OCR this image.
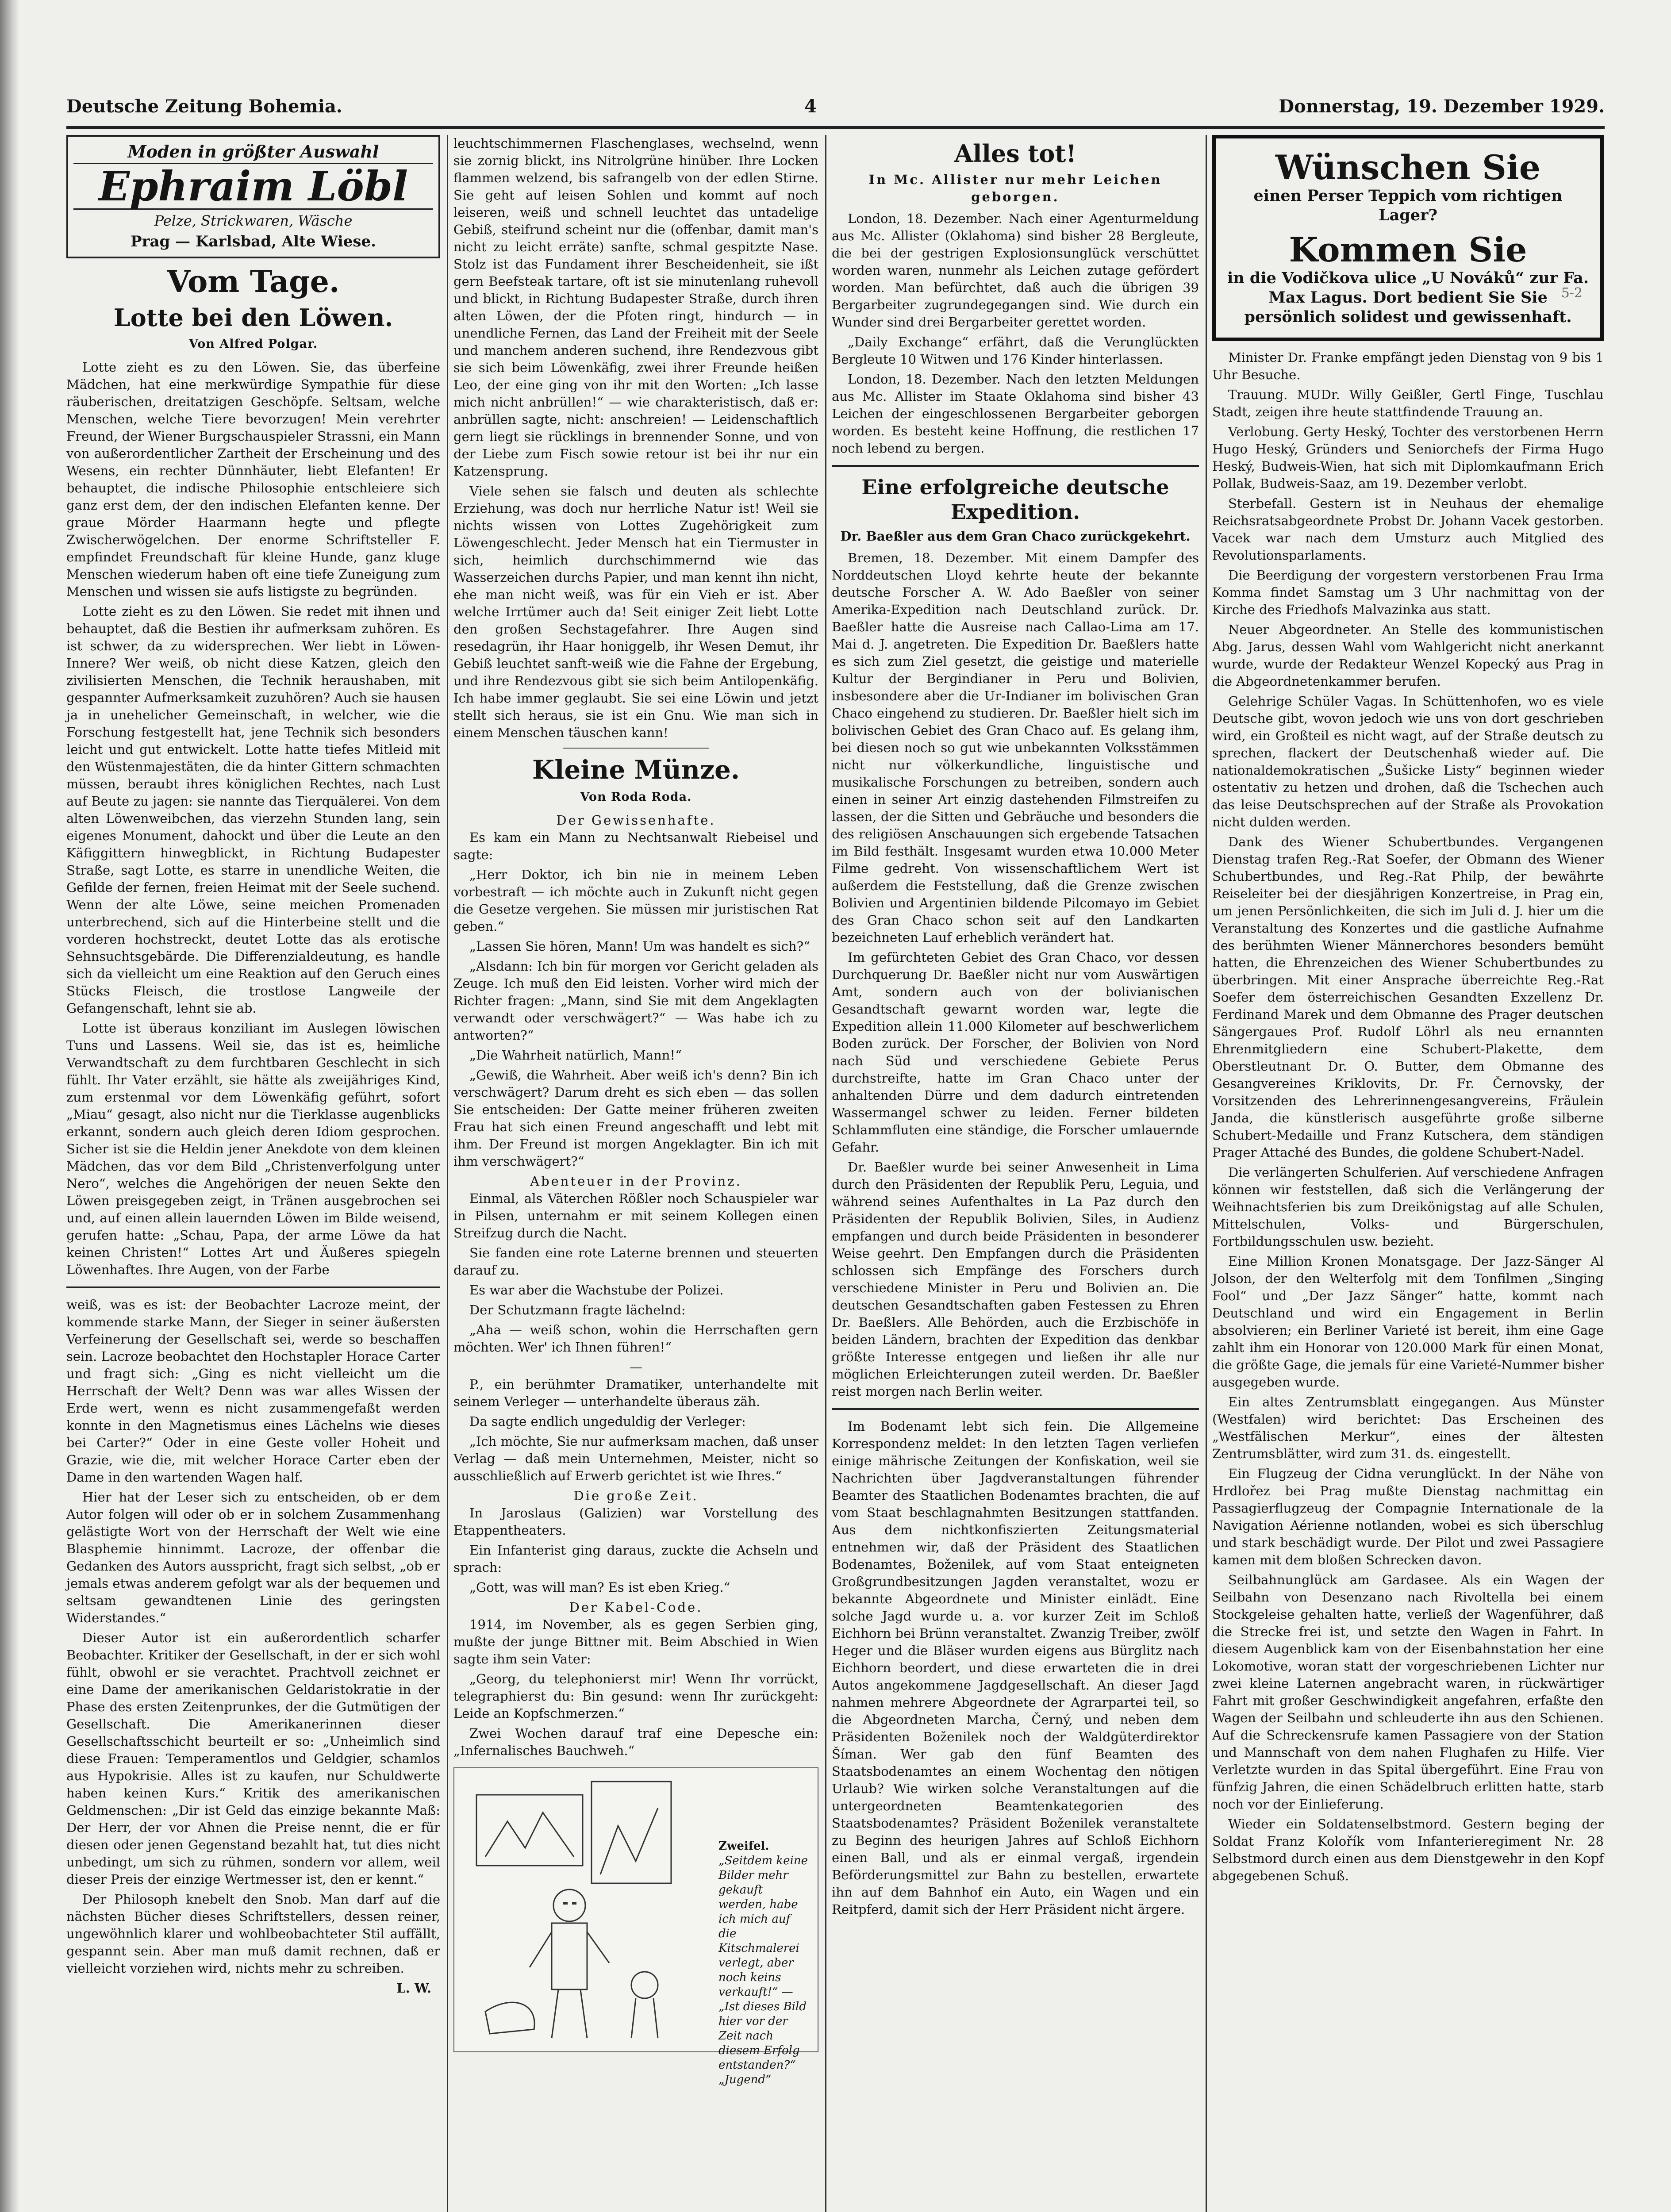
Deutsche Zeitung Bohemia.	4	Donnerstag, 19. Dezember 1929.
Moden in größter Auswahl
Ephraim Löbl
Pelze, Strickwaren, Wäsche
Prag — Karlsbad, Alte Wiese.
Vom Tage.
Lotte bei den Löwen.
Von Alfred Polgar.

Lotte zieht es zu den Löwen. Sie, das überfeine Mädchen, hat eine merkwürdige Sympathie für diese räuberischen, dreitatzigen Geschöpfe. Seltsam, welche Menschen, welche Tiere bevorzugen! Mein verehrter Freund, der Wiener Burgschauspieler Strassni, ein Mann von außerordentlicher Zartheit der Erscheinung und des Wesens, ein rechter Dünnhäuter, liebt Elefanten! Er behauptet, die indische Philosophie entschleiere sich ganz erst dem, der den indischen Elefanten kenne. Der graue Mörder Haarmann hegte und pflegte Zwischerwögelchen. Der enorme Schriftsteller F. empfindet Freundschaft für kleine Hunde, ganz kluge Menschen wiederum haben oft eine tiefe Zuneigung zum Menschen und wissen sie aufs listigste zu begründen.

Lotte zieht es zu den Löwen. Sie redet mit ihnen und behauptet, daß die Bestien ihr aufmerksam zuhören. Es ist schwer, da zu widersprechen. Wer liebt in Löwen-Innere? Wer weiß, ob nicht diese Katzen, gleich den zivilisierten Menschen, die Technik heraushaben, mit gespannter Aufmerksamkeit zuzuhören? Auch sie hausen ja in unehelicher Gemeinschaft, in welcher, wie die Forschung festgestellt hat, jene Technik sich besonders leicht und gut entwickelt. Lotte hatte tiefes Mitleid mit den Wüstenmajestäten, die da hinter Gittern schmachten müssen, beraubt ihres königlichen Rechtes, nach Lust auf Beute zu jagen: sie nannte das Tierquälerei. Von dem alten Löwenweibchen, das vierzehn Stunden lang, sein eigenes Monument, dahockt und über die Leute an den Käfiggittern hinwegblickt, in Richtung Budapester Straße, sagt Lotte, es starre in unendliche Weiten, die Gefilde der fernen, freien Heimat mit der Seele suchend. Wenn der alte Löwe, seine meichen Promenaden unterbrechend, sich auf die Hinterbeine stellt und die vorderen hochstreckt, deutet Lotte das als erotische Sehnsuchtsgebärde. Die Differenzialdeutung, es handle sich da vielleicht um eine Reaktion auf den Geruch eines Stücks Fleisch, die trostlose Langweile der Gefangenschaft, lehnt sie ab.

Lotte ist überaus konziliant im Auslegen löwischen Tuns und Lassens. Weil sie, das ist es, heimliche Verwandtschaft zu dem furchtbaren Geschlecht in sich fühlt. Ihr Vater erzählt, sie hätte als zweijähriges Kind, zum erstenmal vor dem Löwenkäfig geführt, sofort „Miau“ gesagt, also nicht nur die Tierklasse augenblicks erkannt, sondern auch gleich deren Idiom gesprochen. Sicher ist sie die Heldin jener Anekdote von dem kleinen Mädchen, das vor dem Bild „Christenverfolgung unter Nero“, welches die Angehörigen der neuen Sekte den Löwen preisgegeben zeigt, in Tränen ausgebrochen sei und, auf einen allein lauernden Löwen im Bilde weisend, gerufen hatte: „Schau, Papa, der arme Löwe da hat keinen Christen!“ Lottes Art und Äußeres spiegeln Löwenhaftes. Ihre Augen, von der Farbe

weiß, was es ist: der Beobachter Lacroze meint, der kommende starke Mann, der Sieger in seiner äußersten Verfeinerung der Gesellschaft sei, werde so beschaffen sein. Lacroze beobachtet den Hochstapler Horace Carter und fragt sich: „Ging es nicht vielleicht um die Herrschaft der Welt? Denn was war alles Wissen der Erde wert, wenn es nicht zusammengefaßt werden konnte in den Magnetismus eines Lächelns wie dieses bei Carter?“ Oder in eine Geste voller Hoheit und Grazie, wie die, mit welcher Horace Carter eben der Dame in den wartenden Wagen half.

Hier hat der Leser sich zu entscheiden, ob er dem Autor folgen will oder ob er in solchem Zusammenhang gelästigte Wort von der Herrschaft der Welt wie eine Blasphemie hinnimmt. Lacroze, der offenbar die Gedanken des Autors ausspricht, fragt sich selbst, „ob er jemals etwas anderem gefolgt war als der bequemen und seltsam gewandtenen Linie des geringsten Widerstandes.“

Dieser Autor ist ein außerordentlich scharfer Beobachter. Kritiker der Gesellschaft, in der er sich wohl fühlt, obwohl er sie verachtet. Prachtvoll zeichnet er eine Dame der amerikanischen Geldaristokratie in der Phase des ersten Zeitenprunkes, der die Gutmütigen der Gesellschaft. Die Amerikanerinnen dieser Gesellschaftsschicht beurteilt er so: „Unheimlich sind diese Frauen: Temperamentlos und Geldgier, schamlos aus Hypokrisie. Alles ist zu kaufen, nur Schuldwerte haben keinen Kurs.“ Kritik des amerikanischen Geldmenschen: „Dir ist Geld das einzige bekannte Maß: Der Herr, der vor Ahnen die Preise nennt, die er für diesen oder jenen Gegenstand bezahlt hat, tut dies nicht unbedingt, um sich zu rühmen, sondern vor allem, weil dieser Preis der einzige Wertmesser ist, den er kennt.“

Der Philosoph knebelt den Snob. Man darf auf die nächsten Bücher dieses Schriftstellers, dessen reiner, ungewöhnlich klarer und wohlbeobachteter Stil auffällt, gespannt sein. Aber man muß damit rechnen, daß er vielleicht vorziehen wird, nichts mehr zu schreiben.

L. W.

leuchtschimmernen Flaschenglases, wechselnd, wenn sie zornig blickt, ins Nitrolgrüne hinüber. Ihre Locken flammen welzend, bis safrangelb von der edlen Stirne. Sie geht auf leisen Sohlen und kommt auf noch leiseren, weiß und schnell leuchtet das untadelige Gebiß, steifrund scheint nur die (offenbar, damit man's nicht zu leicht erräte) sanfte, schmal gespitzte Nase. Stolz ist das Fundament ihrer Bescheidenheit, sie ißt gern Beefsteak tartare, oft ist sie minutenlang ruhevoll und blickt, in Richtung Budapester Straße, durch ihren alten Löwen, der die Pfoten ringt, hindurch — in unendliche Fernen, das Land der Freiheit mit der Seele und manchem anderen suchend, ihre Rendezvous gibt sie sich beim Löwenkäfig, zwei ihrer Freunde heißen Leo, der eine ging von ihr mit den Worten: „Ich lasse mich nicht anbrüllen!“ — wie charakteristisch, daß er: anbrüllen sagte, nicht: anschreien! — Leidenschaftlich gern liegt sie rücklings in brennender Sonne, und von der Liebe zum Fisch sowie retour ist bei ihr nur ein Katzensprung.

Viele sehen sie falsch und deuten als schlechte Erziehung, was doch nur herrliche Natur ist! Weil sie nichts wissen von Lottes Zugehörigkeit zum Löwengeschlecht. Jeder Mensch hat ein Tiermuster in sich, heimlich durchschimmernd wie das Wasserzeichen durchs Papier, und man kennt ihn nicht, ehe man nicht weiß, was für ein Vieh er ist. Aber welche Irrtümer auch da! Seit einiger Zeit liebt Lotte den großen Sechstagefahrer. Ihre Augen sind resedagrün, ihr Haar honiggelb, ihr Wesen Demut, ihr Gebiß leuchtet sanft-weiß wie die Fahne der Ergebung, und ihre Rendezvous gibt sie sich beim Antilopenkäfig. Ich habe immer geglaubt. Sie sei eine Löwin und jetzt stellt sich heraus, sie ist ein Gnu. Wie man sich in einem Menschen täuschen kann!

Kleine Münze.
Von Roda Roda.
Der Gewissenhafte.

Es kam ein Mann zu Nechtsanwalt Riebeisel und sagte:

„Herr Doktor, ich bin nie in meinem Leben vorbestraft — ich möchte auch in Zukunft nicht gegen die Gesetze vergehen. Sie müssen mir juristischen Rat geben.“

„Lassen Sie hören, Mann! Um was handelt es sich?“

„Alsdann: Ich bin für morgen vor Gericht geladen als Zeuge. Ich muß den Eid leisten. Vorher wird mich der Richter fragen: „Mann, sind Sie mit dem Angeklagten verwandt oder verschwägert?“ — Was habe ich zu antworten?“

„Die Wahrheit natürlich, Mann!“

„Gewiß, die Wahrheit. Aber weiß ich's denn? Bin ich verschwägert? Darum dreht es sich eben — das sollen Sie entscheiden: Der Gatte meiner früheren zweiten Frau hat sich einen Freund angeschafft und lebt mit ihm. Der Freund ist morgen Angeklagter. Bin ich mit ihm verschwägert?“

Abenteuer in der Provinz.

Einmal, als Väterchen Rößler noch Schauspieler war in Pilsen, unternahm er mit seinem Kollegen einen Streifzug durch die Nacht.

Sie fanden eine rote Laterne brennen und steuerten darauf zu.

Es war aber die Wachstube der Polizei.

Der Schutzmann fragte lächelnd:

„Aha — weiß schon, wohin die Herrschaften gern möchten. Wer' ich Ihnen führen!“

—

P., ein berühmter Dramatiker, unterhandelte mit seinem Verleger — unterhandelte überaus zäh.

Da sagte endlich ungeduldig der Verleger:

„Ich möchte, Sie nur aufmerksam machen, daß unser Verlag — daß mein Unternehmen, Meister, nicht so ausschließlich auf Erwerb gerichtet ist wie Ihres.“

Die große Zeit.

In Jaroslaus (Galizien) war Vorstellung des Etappentheaters.

Ein Infanterist ging daraus, zuckte die Achseln und sprach:

„Gott, was will man? Es ist eben Krieg.“

Der Kabel-Code.

1914, im November, als es gegen Serbien ging, mußte der junge Bittner mit. Beim Abschied in Wien sagte ihm sein Vater:

„Georg, du telephonierst mir! Wenn Ihr vorrückt, telegraphierst du: Bin gesund: wenn Ihr zurückgeht: Leide an Kopfschmerzen.“

Zwei Wochen darauf traf eine Depesche ein: „Infernalisches Bauchweh.“

Zweifel.
„Seitdem keine Bilder mehr gekauft werden, habe ich mich auf die Kitschmalerei verlegt, aber noch keins verkauft!“ — „Ist dieses Bild hier vor der Zeit nach diesem Erfolg entstanden?“
„Jugend“
Alles tot!
In Mc. Allister nur mehr Leichen geborgen.

London, 18. Dezember. Nach einer Agenturmeldung aus Mc. Allister (Oklahoma) sind bisher 28 Bergleute, die bei der gestrigen Explosionsunglück verschüttet worden waren, nunmehr als Leichen zutage gefördert worden. Man befürchtet, daß auch die übrigen 39 Bergarbeiter zugrundegegangen sind. Wie durch ein Wunder sind drei Bergarbeiter gerettet worden.

„Daily Exchange“ erfährt, daß die Verunglückten Bergleute 10 Witwen und 176 Kinder hinterlassen.

London, 18. Dezember. Nach den letzten Meldungen aus Mc. Allister im Staate Oklahoma sind bisher 43 Leichen der eingeschlossenen Bergarbeiter geborgen worden. Es besteht keine Hoffnung, die restlichen 17 noch lebend zu bergen.

Eine erfolgreiche deutsche Expedition.
Dr. Baeßler aus dem Gran Chaco zurückgekehrt.

Bremen, 18. Dezember. Mit einem Dampfer des Norddeutschen Lloyd kehrte heute der bekannte deutsche Forscher A. W. Ado Baeßler von seiner Amerika-Expedition nach Deutschland zurück. Dr. Baeßler hatte die Ausreise nach Callao-Lima am 17. Mai d. J. angetreten. Die Expedition Dr. Baeßlers hatte es sich zum Ziel gesetzt, die geistige und materielle Kultur der Bergindianer in Peru und Bolivien, insbesondere aber die Ur-Indianer im bolivischen Gran Chaco eingehend zu studieren. Dr. Baeßler hielt sich im bolivischen Gebiet des Gran Chaco auf. Es gelang ihm, bei diesen noch so gut wie unbekannten Volksstämmen nicht nur völkerkundliche, linguistische und musikalische Forschungen zu betreiben, sondern auch einen in seiner Art einzig dastehenden Filmstreifen zu lassen, der die Sitten und Gebräuche und besonders die des religiösen Anschauungen sich ergebende Tatsachen im Bild festhält. Insgesamt wurden etwa 10.000 Meter Filme gedreht. Von wissenschaftlichem Wert ist außerdem die Feststellung, daß die Grenze zwischen Bolivien und Argentinien bildende Pilcomayo im Gebiet des Gran Chaco schon seit auf den Landkarten bezeichneten Lauf erheblich verändert hat.

Im gefürchteten Gebiet des Gran Chaco, vor dessen Durchquerung Dr. Baeßler nicht nur vom Auswärtigen Amt, sondern auch von der bolivianischen Gesandtschaft gewarnt worden war, legte die Expedition allein 11.000 Kilometer auf beschwerlichem Boden zurück. Der Forscher, der Bolivien von Nord nach Süd und verschiedene Gebiete Perus durchstreifte, hatte im Gran Chaco unter der anhaltenden Dürre und dem dadurch eintretenden Wassermangel schwer zu leiden. Ferner bildeten Schlammfluten eine ständige, die Forscher umlauernde Gefahr.

Dr. Baeßler wurde bei seiner Anwesenheit in Lima durch den Präsidenten der Republik Peru, Leguia, und während seines Aufenthaltes in La Paz durch den Präsidenten der Republik Bolivien, Siles, in Audienz empfangen und durch beide Präsidenten in besonderer Weise geehrt. Den Empfangen durch die Präsidenten schlossen sich Empfänge des Forschers durch verschiedene Minister in Peru und Bolivien an. Die deutschen Gesandtschaften gaben Festessen zu Ehren Dr. Baeßlers. Alle Behörden, auch die Erzbischöfe in beiden Ländern, brachten der Expedition das denkbar größte Interesse entgegen und ließen ihr alle nur möglichen Erleichterungen zuteil werden. Dr. Baeßler reist morgen nach Berlin weiter.

Im Bodenamt lebt sich fein. Die Allgemeine Korrespondenz meldet: In den letzten Tagen verliefen einige mährische Zeitungen der Konfiskation, weil sie Nachrichten über Jagdveranstaltungen führender Beamter des Staatlichen Bodenamtes brachten, die auf vom Staat beschlagnahmten Besitzungen stattfanden. Aus dem nichtkonfiszierten Zeitungsmaterial entnehmen wir, daß der Präsident des Staatlichen Bodenamtes, Boženilek, auf vom Staat enteigneten Großgrundbesitzungen Jagden veranstaltet, wozu er bekannte Abgeordnete und Minister einlädt. Eine solche Jagd wurde u. a. vor kurzer Zeit im Schloß Eichhorn bei Brünn veranstaltet. Zwanzig Treiber, zwölf Heger und die Bläser wurden eigens aus Bürglitz nach Eichhorn beordert, und diese erwarteten die in drei Autos angekommene Jagdgesellschaft. An dieser Jagd nahmen mehrere Abgeordnete der Agrarpartei teil, so die Abgeordneten Marcha, Černý, und neben dem Präsidenten Boženilek noch der Waldgüterdirektor Šíman. Wer gab den fünf Beamten des Staatsbodenamtes an einem Wochentag den nötigen Urlaub? Wie wirken solche Veranstaltungen auf die untergeordneten Beamtenkategorien des Staatsbodenamtes? Präsident Boženilek veranstaltete zu Beginn des heurigen Jahres auf Schloß Eichhorn einen Ball, und als er einmal vergaß, irgendein Beförderungsmittel zur Bahn zu bestellen, erwartete ihn auf dem Bahnhof ein Auto, ein Wagen und ein Reitpferd, damit sich der Herr Präsident nicht ärgere.

Wünschen Sie
einen Perser Teppich vom richtigen Lager?
Kommen Sie
in die Vodičkova ulice „U Nováků“ zur Fa. Max Lagus. Dort bedient Sie Sie persönlich solidest und gewissenhaft.
5-2

Minister Dr. Franke empfängt jeden Dienstag von 9 bis 1 Uhr Besuche.

Trauung. MUDr. Willy Geißler, Gertl Finge, Tuschlau Stadt, zeigen ihre heute stattfindende Trauung an.

Verlobung. Gerty Heský, Tochter des verstorbenen Herrn Hugo Heský, Gründers und Seniorchefs der Firma Hugo Heský, Budweis-Wien, hat sich mit Diplomkaufmann Erich Pollak, Budweis-Saaz, am 19. Dezember verlobt.

Sterbefall. Gestern ist in Neuhaus der ehemalige Reichsratsabgeordnete Probst Dr. Johann Vacek gestorben. Vacek war nach dem Umsturz auch Mitglied des Revolutionsparlaments.

Die Beerdigung der vorgestern verstorbenen Frau Irma Komma findet Samstag um 3 Uhr nachmittag von der Kirche des Friedhofs Malvazinka aus statt.

Neuer Abgeordneter. An Stelle des kommunistischen Abg. Jarus, dessen Wahl vom Wahlgericht nicht anerkannt wurde, wurde der Redakteur Wenzel Kopecký aus Prag in die Abgeordnetenkammer berufen.

Gelehrige Schüler Vagas. In Schüttenhofen, wo es viele Deutsche gibt, wovon jedoch wie uns von dort geschrieben wird, ein Großteil es nicht wagt, auf der Straße deutsch zu sprechen, flackert der Deutschenhaß wieder auf. Die nationaldemokratischen „Šušicke Listy“ beginnen wieder ostentativ zu hetzen und drohen, daß die Tschechen auch das leise Deutschsprechen auf der Straße als Provokation nicht dulden werden.

Dank des Wiener Schubertbundes. Vergangenen Dienstag trafen Reg.-Rat Soefer, der Obmann des Wiener Schubertbundes, und Reg.-Rat Philp, der bewährte Reiseleiter bei der diesjährigen Konzertreise, in Prag ein, um jenen Persönlichkeiten, die sich im Juli d. J. hier um die Veranstaltung des Konzertes und die gastliche Aufnahme des berühmten Wiener Männerchores besonders bemüht hatten, die Ehrenzeichen des Wiener Schubertbundes zu überbringen. Mit einer Ansprache überreichte Reg.-Rat Soefer dem österreichischen Gesandten Exzellenz Dr. Ferdinand Marek und dem Obmanne des Prager deutschen Sängergaues Prof. Rudolf Löhrl als neu ernannten Ehrenmitgliedern eine Schubert-Plakette, dem Oberstleutnant Dr. O. Butter, dem Obmanne des Gesangvereines Kriklovits, Dr. Fr. Černovsky, der Vorsitzenden des Lehrerinnengesangvereins, Fräulein Janda, die künstlerisch ausgeführte große silberne Schubert-Medaille und Franz Kutschera, dem ständigen Prager Attaché des Bundes, die goldene Schubert-Nadel.

Die verlängerten Schulferien. Auf verschiedene Anfragen können wir feststellen, daß sich die Verlängerung der Weihnachtsferien bis zum Dreikönigstag auf alle Schulen, Mittelschulen, Volks- und Bürgerschulen, Fortbildungsschulen usw. bezieht.

Eine Million Kronen Monatsgage. Der Jazz-Sänger Al Jolson, der den Welterfolg mit dem Tonfilmen „Singing Fool“ und „Der Jazz Sänger“ hatte, kommt nach Deutschland und wird ein Engagement in Berlin absolvieren; ein Berliner Varieté ist bereit, ihm eine Gage zahlt ihm ein Honorar von 120.000 Mark für einen Monat, die größte Gage, die jemals für eine Varieté-Nummer bisher ausgegeben wurde.

Ein altes Zentrumsblatt eingegangen. Aus Münster (Westfalen) wird berichtet: Das Erscheinen des „Westfälischen Merkur“, eines der ältesten Zentrumsblätter, wird zum 31. ds. eingestellt.

Ein Flugzeug der Cidna verunglückt. In der Nähe von Hrdlořez bei Prag mußte Dienstag nachmittag ein Passagierflugzeug der Compagnie Internationale de la Navigation Aérienne notlanden, wobei es sich überschlug und stark beschädigt wurde. Der Pilot und zwei Passagiere kamen mit dem bloßen Schrecken davon.

Seilbahnunglück am Gardasee. Als ein Wagen der Seilbahn von Desenzano nach Rivoltella bei einem Stockgeleise gehalten hatte, verließ der Wagenführer, daß die Strecke frei ist, und setzte den Wagen in Fahrt. In diesem Augenblick kam von der Eisenbahnstation her eine Lokomotive, woran statt der vorgeschriebenen Lichter nur zwei kleine Laternen angebracht waren, in rückwärtiger Fahrt mit großer Geschwindigkeit angefahren, erfaßte den Wagen der Seilbahn und schleuderte ihn aus den Schienen. Auf die Schreckensrufe kamen Passagiere von der Station und Mannschaft von dem nahen Flughafen zu Hilfe. Vier Verletzte wurden in das Spital übergeführt. Eine Frau von fünfzig Jahren, die einen Schädelbruch erlitten hatte, starb noch vor der Einlieferung.

Wieder ein Soldatenselbstmord. Gestern beging der Soldat Franz Kolořík vom Infanterieregiment Nr. 28 Selbstmord durch einen aus dem Dienstgewehr in den Kopf abgegebenen Schuß.
